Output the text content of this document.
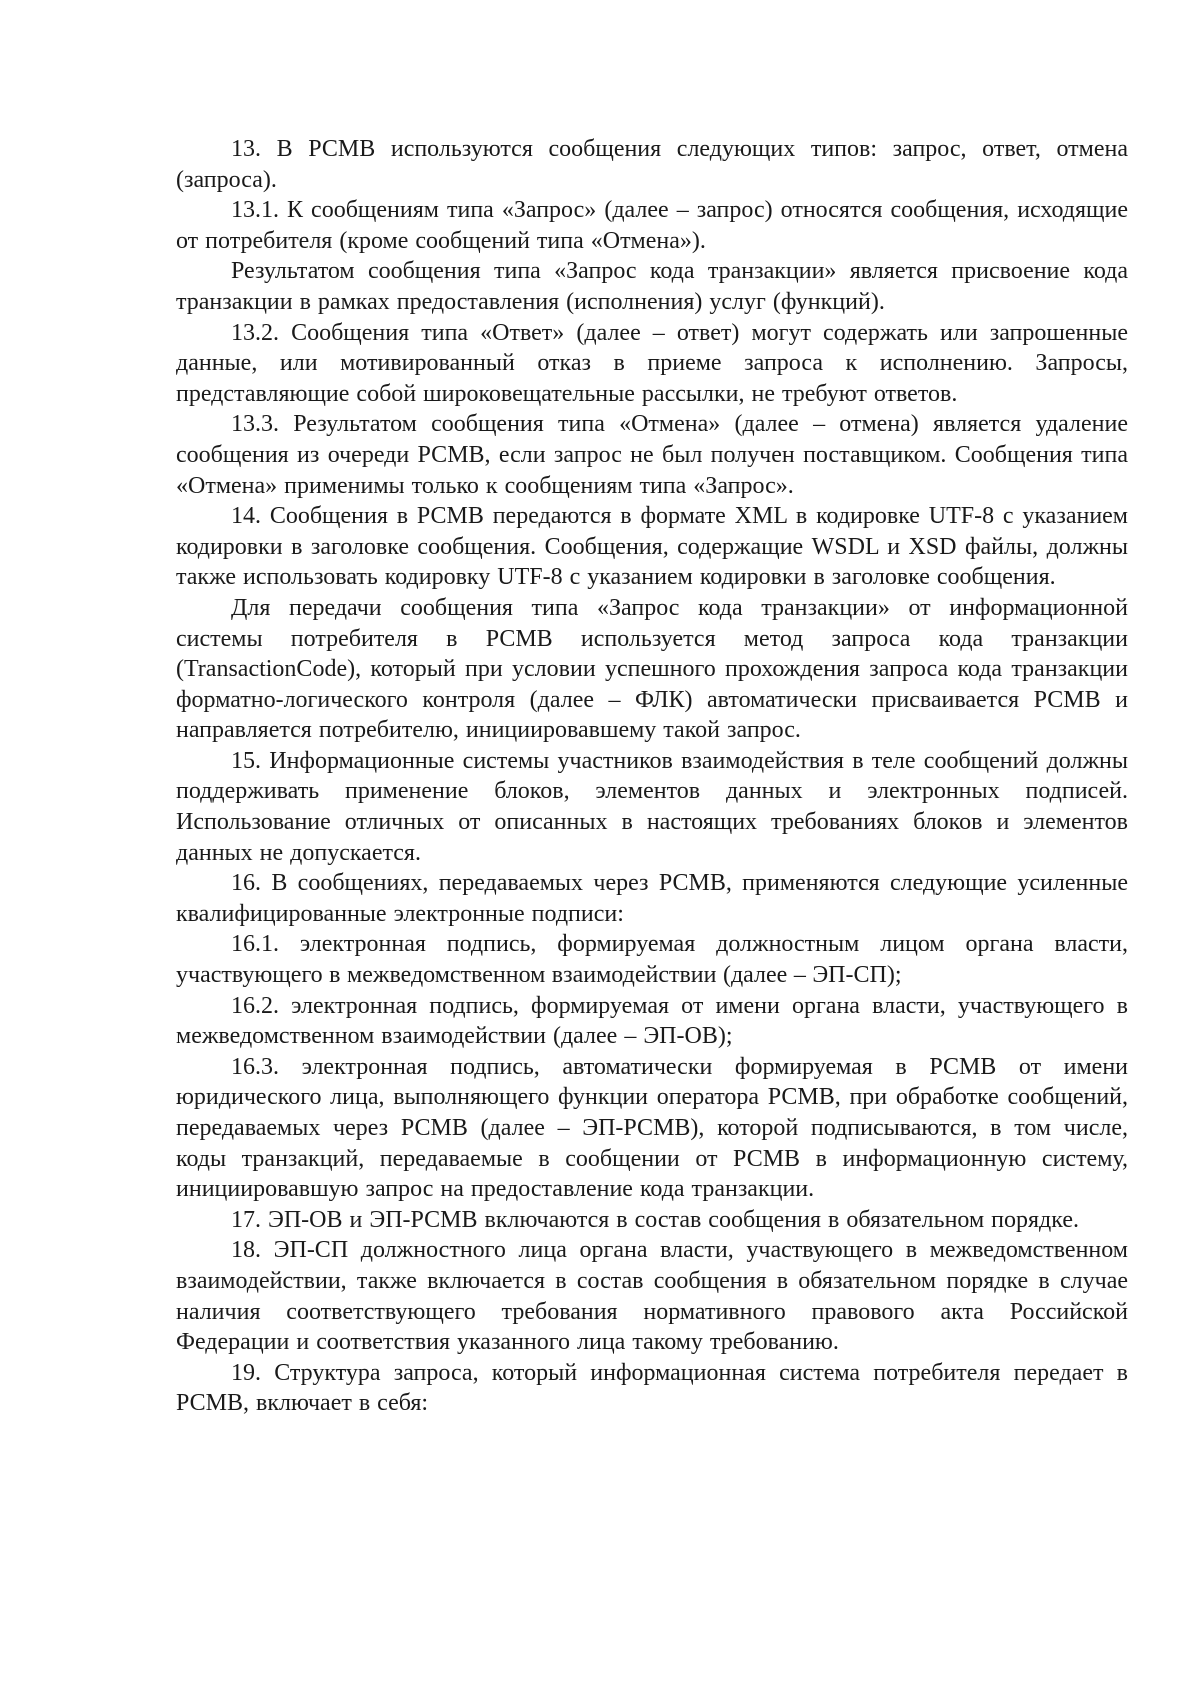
13. В РСМВ используются сообщения следующих типов: запрос, ответ, отмена (запроса).

13.1. К сообщениям типа «Запрос» (далее – запрос) относятся сообщения, исходящие от потребителя (кроме сообщений типа «Отмена»).

Результатом сообщения типа «Запрос кода транзакции» является присвоение кода транзакции в рамках предоставления (исполнения) услуг (функций).

13.2. Сообщения типа «Ответ» (далее – ответ) могут содержать или запрошенные данные, или мотивированный отказ в приеме запроса к исполнению. Запросы, представляющие собой широковещательные рассылки, не требуют ответов.

13.3. Результатом сообщения типа «Отмена» (далее – отмена) является удаление сообщения из очереди РСМВ, если запрос не был получен поставщиком. Сообщения типа «Отмена» применимы только к сообщениям типа «Запрос».

14. Сообщения в РСМВ передаются в формате XML в кодировке UTF-8 с указанием кодировки в заголовке сообщения. Сообщения, содержащие WSDL и XSD файлы, должны также использовать кодировку UTF-8 с указанием кодировки в заголовке сообщения.

Для передачи сообщения типа «Запрос кода транзакции» от информационной системы потребителя в РСМВ используется метод запроса кода транзакции (TransactionCode), который при условии успешного прохождения запроса кода транзакции форматно-логического контроля (далее – ФЛК) автоматически присваивается РСМВ и направляется потребителю, инициировавшему такой запрос.

15. Информационные системы участников взаимодействия в теле сообщений должны поддерживать применение блоков, элементов данных и электронных подписей. Использование отличных от описанных в настоящих требованиях блоков и элементов данных не допускается.

16. В сообщениях, передаваемых через РСМВ, применяются следующие усиленные квалифицированные электронные подписи:

16.1. электронная подпись, формируемая должностным лицом органа власти, участвующего в межведомственном взаимодействии (далее – ЭП-СП);

16.2. электронная подпись, формируемая от имени органа власти, участвующего в межведомственном взаимодействии (далее – ЭП-ОВ);

16.3. электронная подпись, автоматически формируемая в РСМВ от имени юридического лица, выполняющего функции оператора РСМВ, при обработке сообщений, передаваемых через РСМВ (далее – ЭП-РСМВ), которой подписываются, в том числе, коды транзакций, передаваемые в сообщении от РСМВ в информационную систему, инициировавшую запрос на предоставление кода транзакции.

17. ЭП-ОВ и ЭП-РСМВ включаются в состав сообщения в обязательном порядке.

18. ЭП-СП должностного лица органа власти, участвующего в межведомственном взаимодействии, также включается в состав сообщения в обязательном порядке в случае наличия соответствующего требования нормативного правового акта Российской Федерации и соответствия указанного лица такому требованию.

19. Структура запроса, который информационная система потребителя передает в РСМВ, включает в себя:
